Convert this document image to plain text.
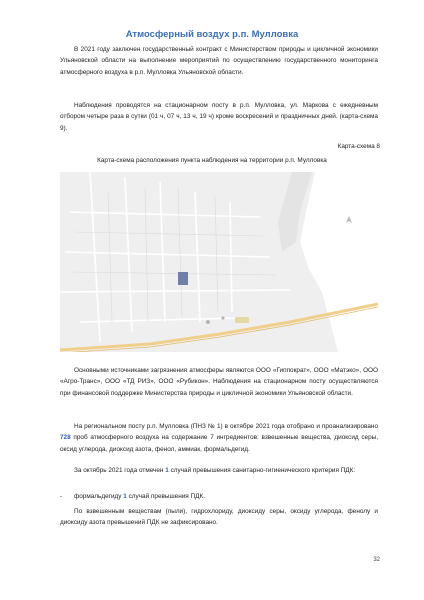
Атмосферный воздух р.п. Мулловка

В 2021 году заключен государственный контракт с Министерством природы и цикличной экономики Ульяновской области на выполнение мероприятий по осуществлению государственного мониторинга атмосферного воздуха в р.п. Мулловка Ульяновской области.

Наблюдения проводятся на стационарном посту в р.п. Мулловка, ул. Маркова с ежедневным отбором четыре раза в сутки (01 ч, 07 ч, 13 ч, 19 ч) кроме воскресений и праздничных дней. (карта-схема 9).

Карта-схема 8
Карта-схема расположения пункта наблюдения на территории р.п. Мулловка

Основными источниками загрязнения атмосферы являются ООО «Гиппократ», ООО «Матэко», ООО «Агро-Транс», ООО «ТД РИЗ», ООО «Рубикон». Наблюдения на стационарном посту осуществляются при финансовой поддержке Министерства природы и цикличной экономики Ульяновской области.

На региональном посту р.п. Мулловка (ПНЗ № 1) в октябре 2021 года отобрано и проанализировано 728 проб атмосферного воздуха на содержание 7 ингредиентов: взвешенные вещества, диоксид серы, оксид углерода, диоксид азота, фенол, аммиак, формальдегид.

За октябрь 2021 года отмечен 1 случай превышения санитарно-гигиенического критерия ПДК:

- формальдегиду 1 случай превышения ПДК.

По взвешенным веществам (пыли), гидрохлориду, диоксиду серы, оксиду углерода, фенолу и диоксиду азота превышений ПДК не зафиксировано.

32
